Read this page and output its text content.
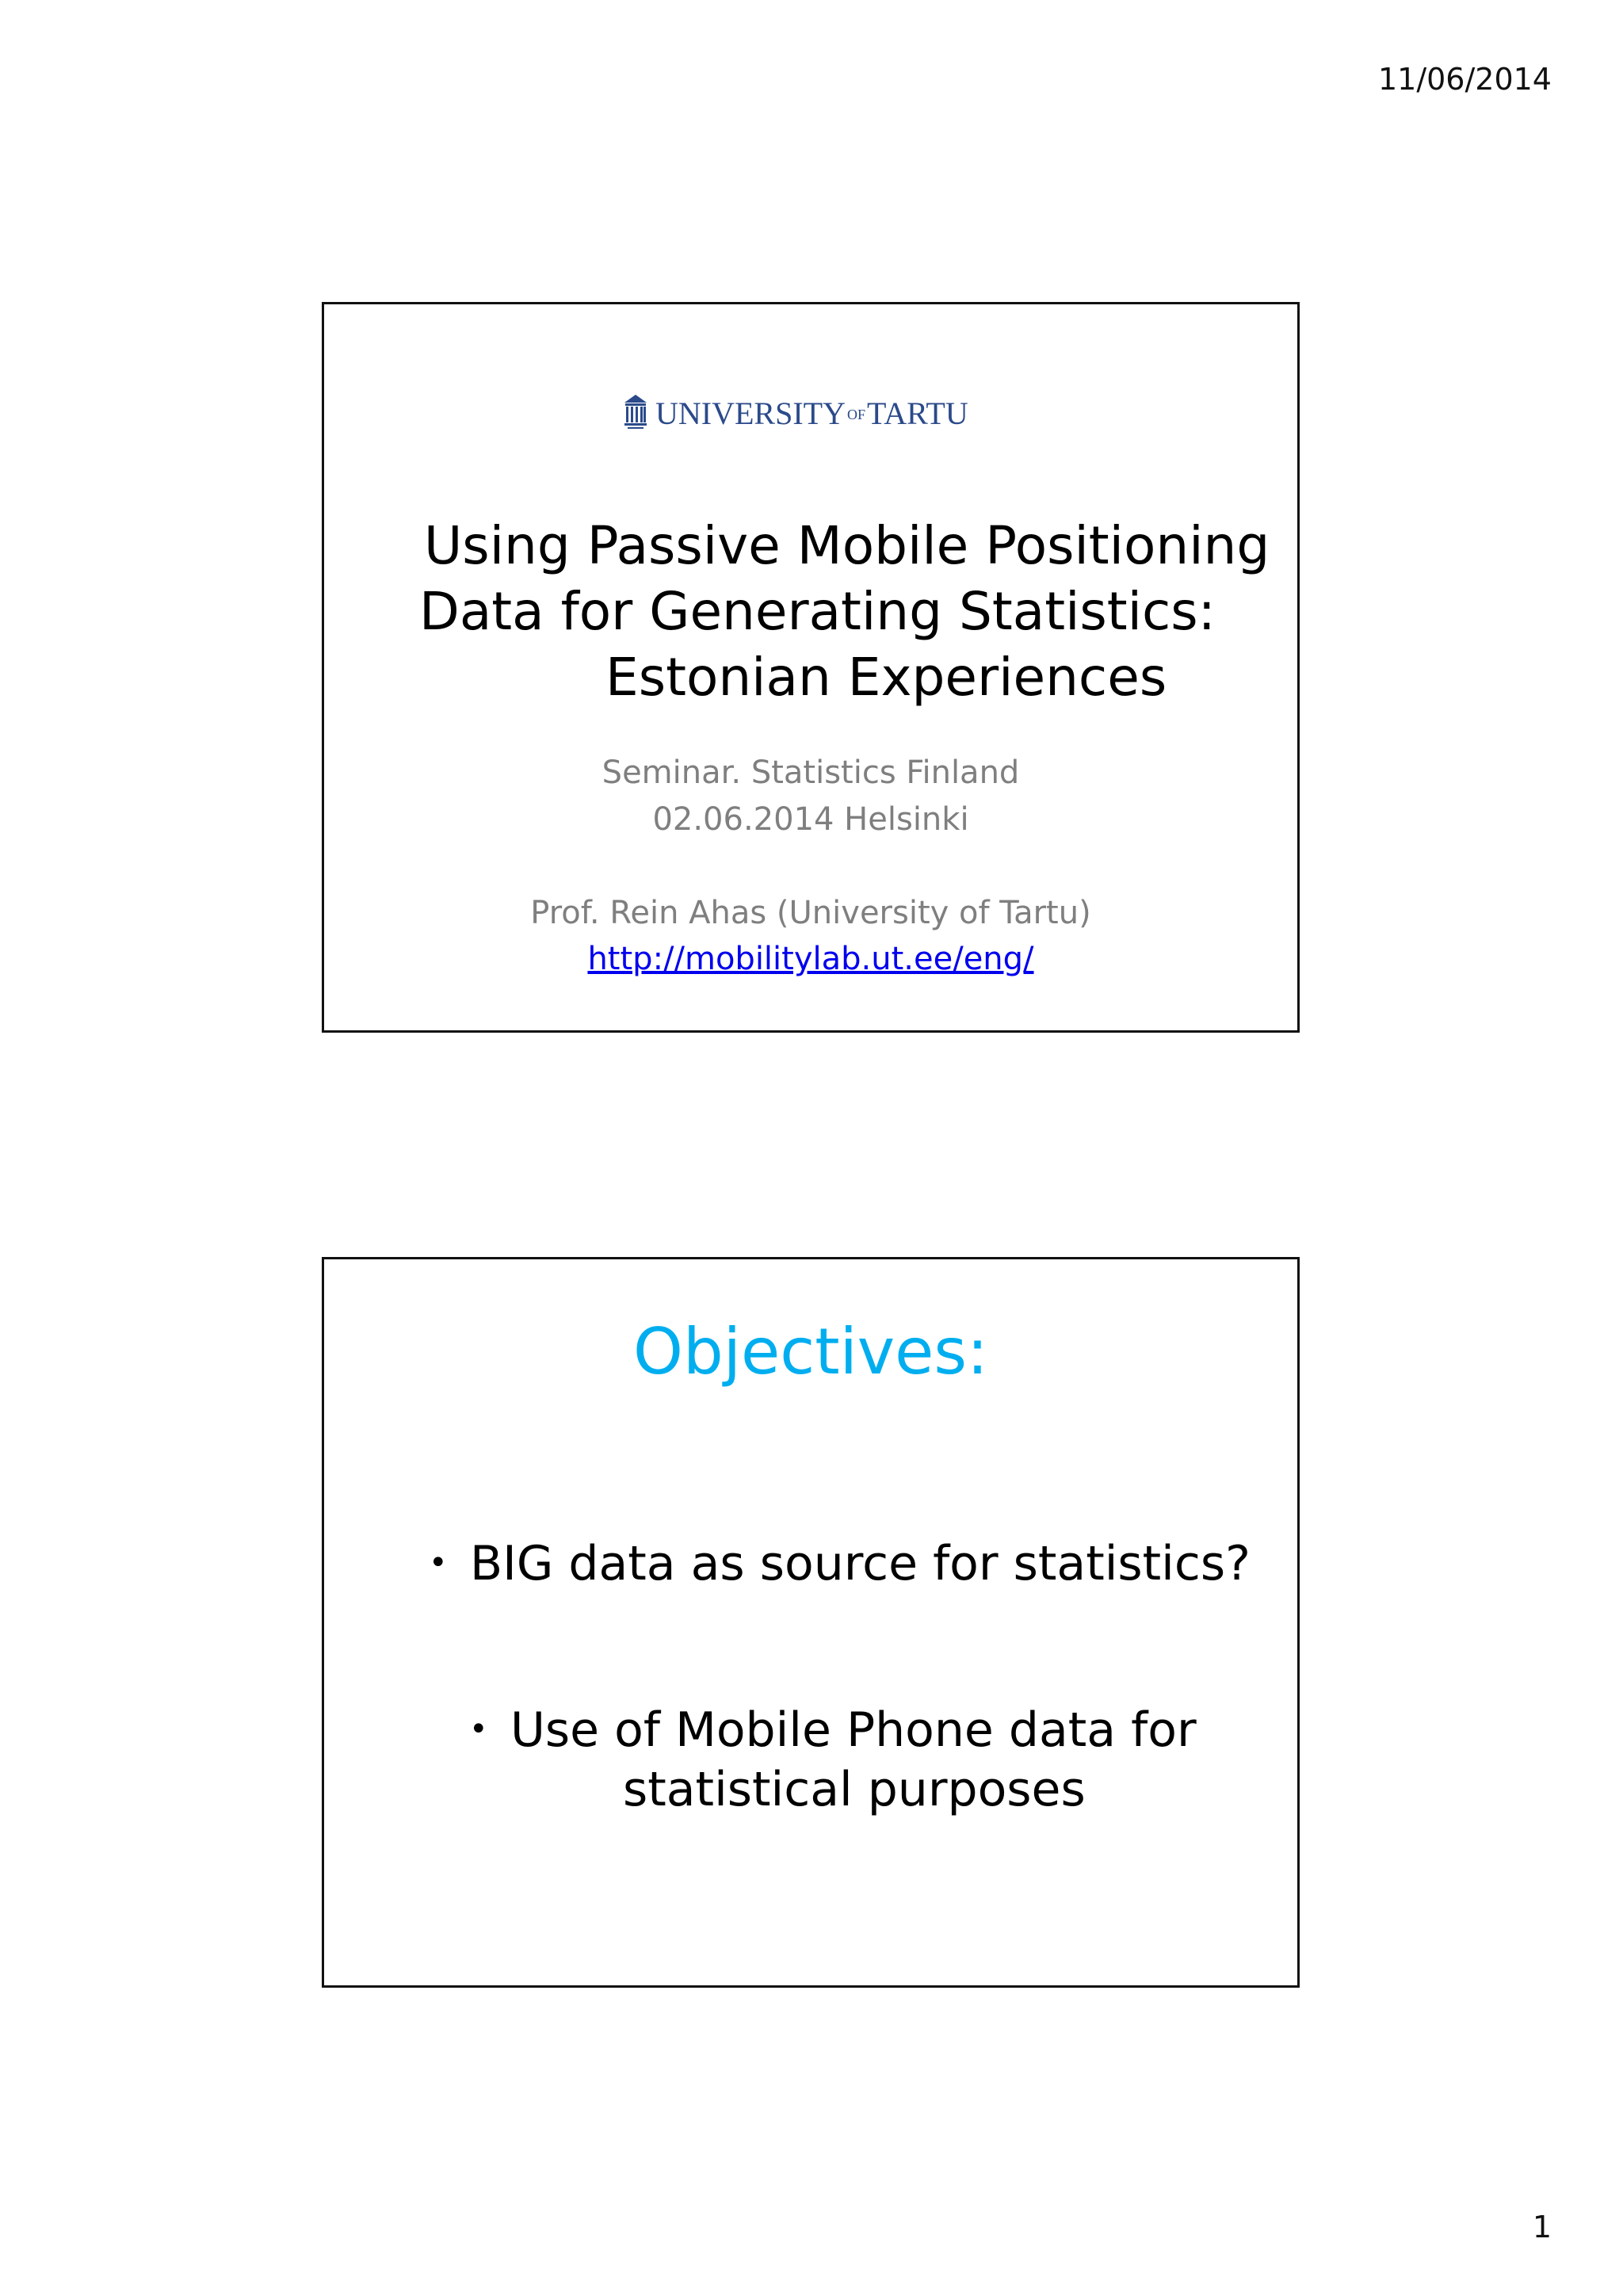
11/06/2014
UNIVERSITY OFTARTU
Using Passive Mobile Positioning
Data for Generating Statistics:
Estonian Experiences
Seminar. Statistics Finland
02.06.2014 Helsinki
Prof. Rein Ahas (University of Tartu)
http://mobilitylab.ut.ee/eng/
Objectives:
• BIG data as source for statistics?
• Use of Mobile Phone data for
statistical purposes
1
